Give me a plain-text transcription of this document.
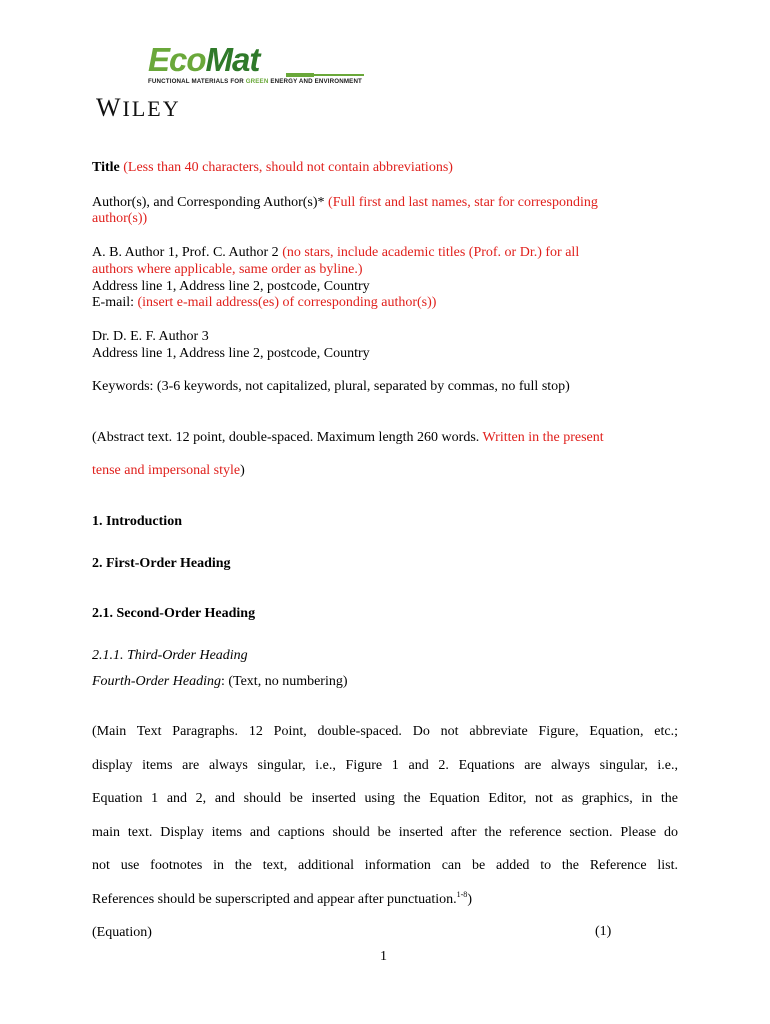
EcoMat
FUNCTIONAL MATERIALS FOR GREEN ENERGY AND ENVIRONMENT
WILEY
Title (Less than 40 characters, should not contain abbreviations)
Author(s), and Corresponding Author(s)* (Full first and last names, star for corresponding
author(s))
A. B. Author 1, Prof. C. Author 2 (no stars, include academic titles (Prof. or Dr.) for all
authors where applicable, same order as byline.)
Address line 1, Address line 2, postcode, Country
E-mail: (insert e-mail address(es) of corresponding author(s))
Dr. D. E. F. Author 3
Address line 1, Address line 2, postcode, Country
Keywords: (3-6 keywords, not capitalized, plural, separated by commas, no full stop)
(Abstract text. 12 point, double-spaced. Maximum length 260 words. Written in the present
tense and impersonal style)
1. Introduction
2. First-Order Heading
2.1. Second-Order Heading
2.1.1. Third-Order Heading
Fourth-Order Heading: (Text, no numbering)
(Main Text Paragraphs. 12 Point, double-spaced. Do not abbreviate Figure, Equation, etc.;
display items are always singular, i.e., Figure 1 and 2. Equations are always singular, i.e.,
Equation 1 and 2, and should be inserted using the Equation Editor, not as graphics, in the
main text. Display items and captions should be inserted after the reference section. Please do
not use footnotes in the text, additional information can be added to the Reference list.
References should be superscripted and appear after punctuation.$^{1-8}$)
(Equation)	(1)
1
